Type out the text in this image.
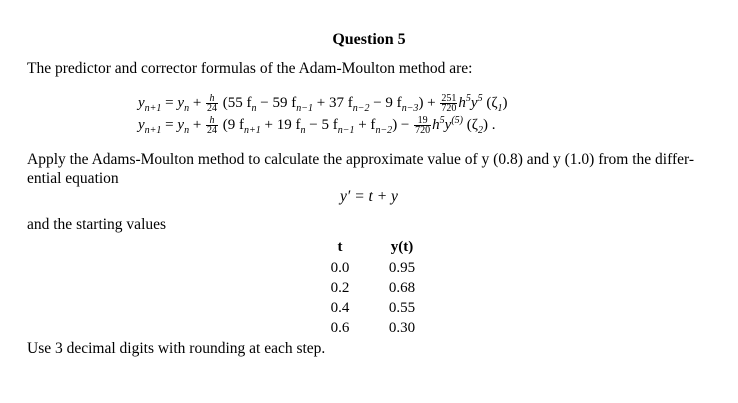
Question 5
The predictor and corrector formulas of the Adam-Moulton method are:
$y_{n+1} = y_n + \frac{h}{24} (55$ $f_n - 59$ $f_{n-1} + 37$ $f_{n-2} - 9$ $f_{n-3}) + \frac{251}{720} h^5y^5$ $(\zeta_1)$
$y_{n+1} = y_n + \frac{h}{24} (9$ $f_{n+1} + 19$ $f_n - 5$ $f_{n-1} + f_{n-2}) - \frac{19}{720} h^5y^{(5)}$ $(\zeta_2)$ .
Apply the Adams-Moulton method to calculate the approximate value of y (0.8) and y (1.0) from the differ-
ential equation
y′ = t + y
and the starting values
t		y(t)
0.0		0.95
0.2		0.68
0.4		0.55
0.6		0.30
Use 3 decimal digits with rounding at each step.
